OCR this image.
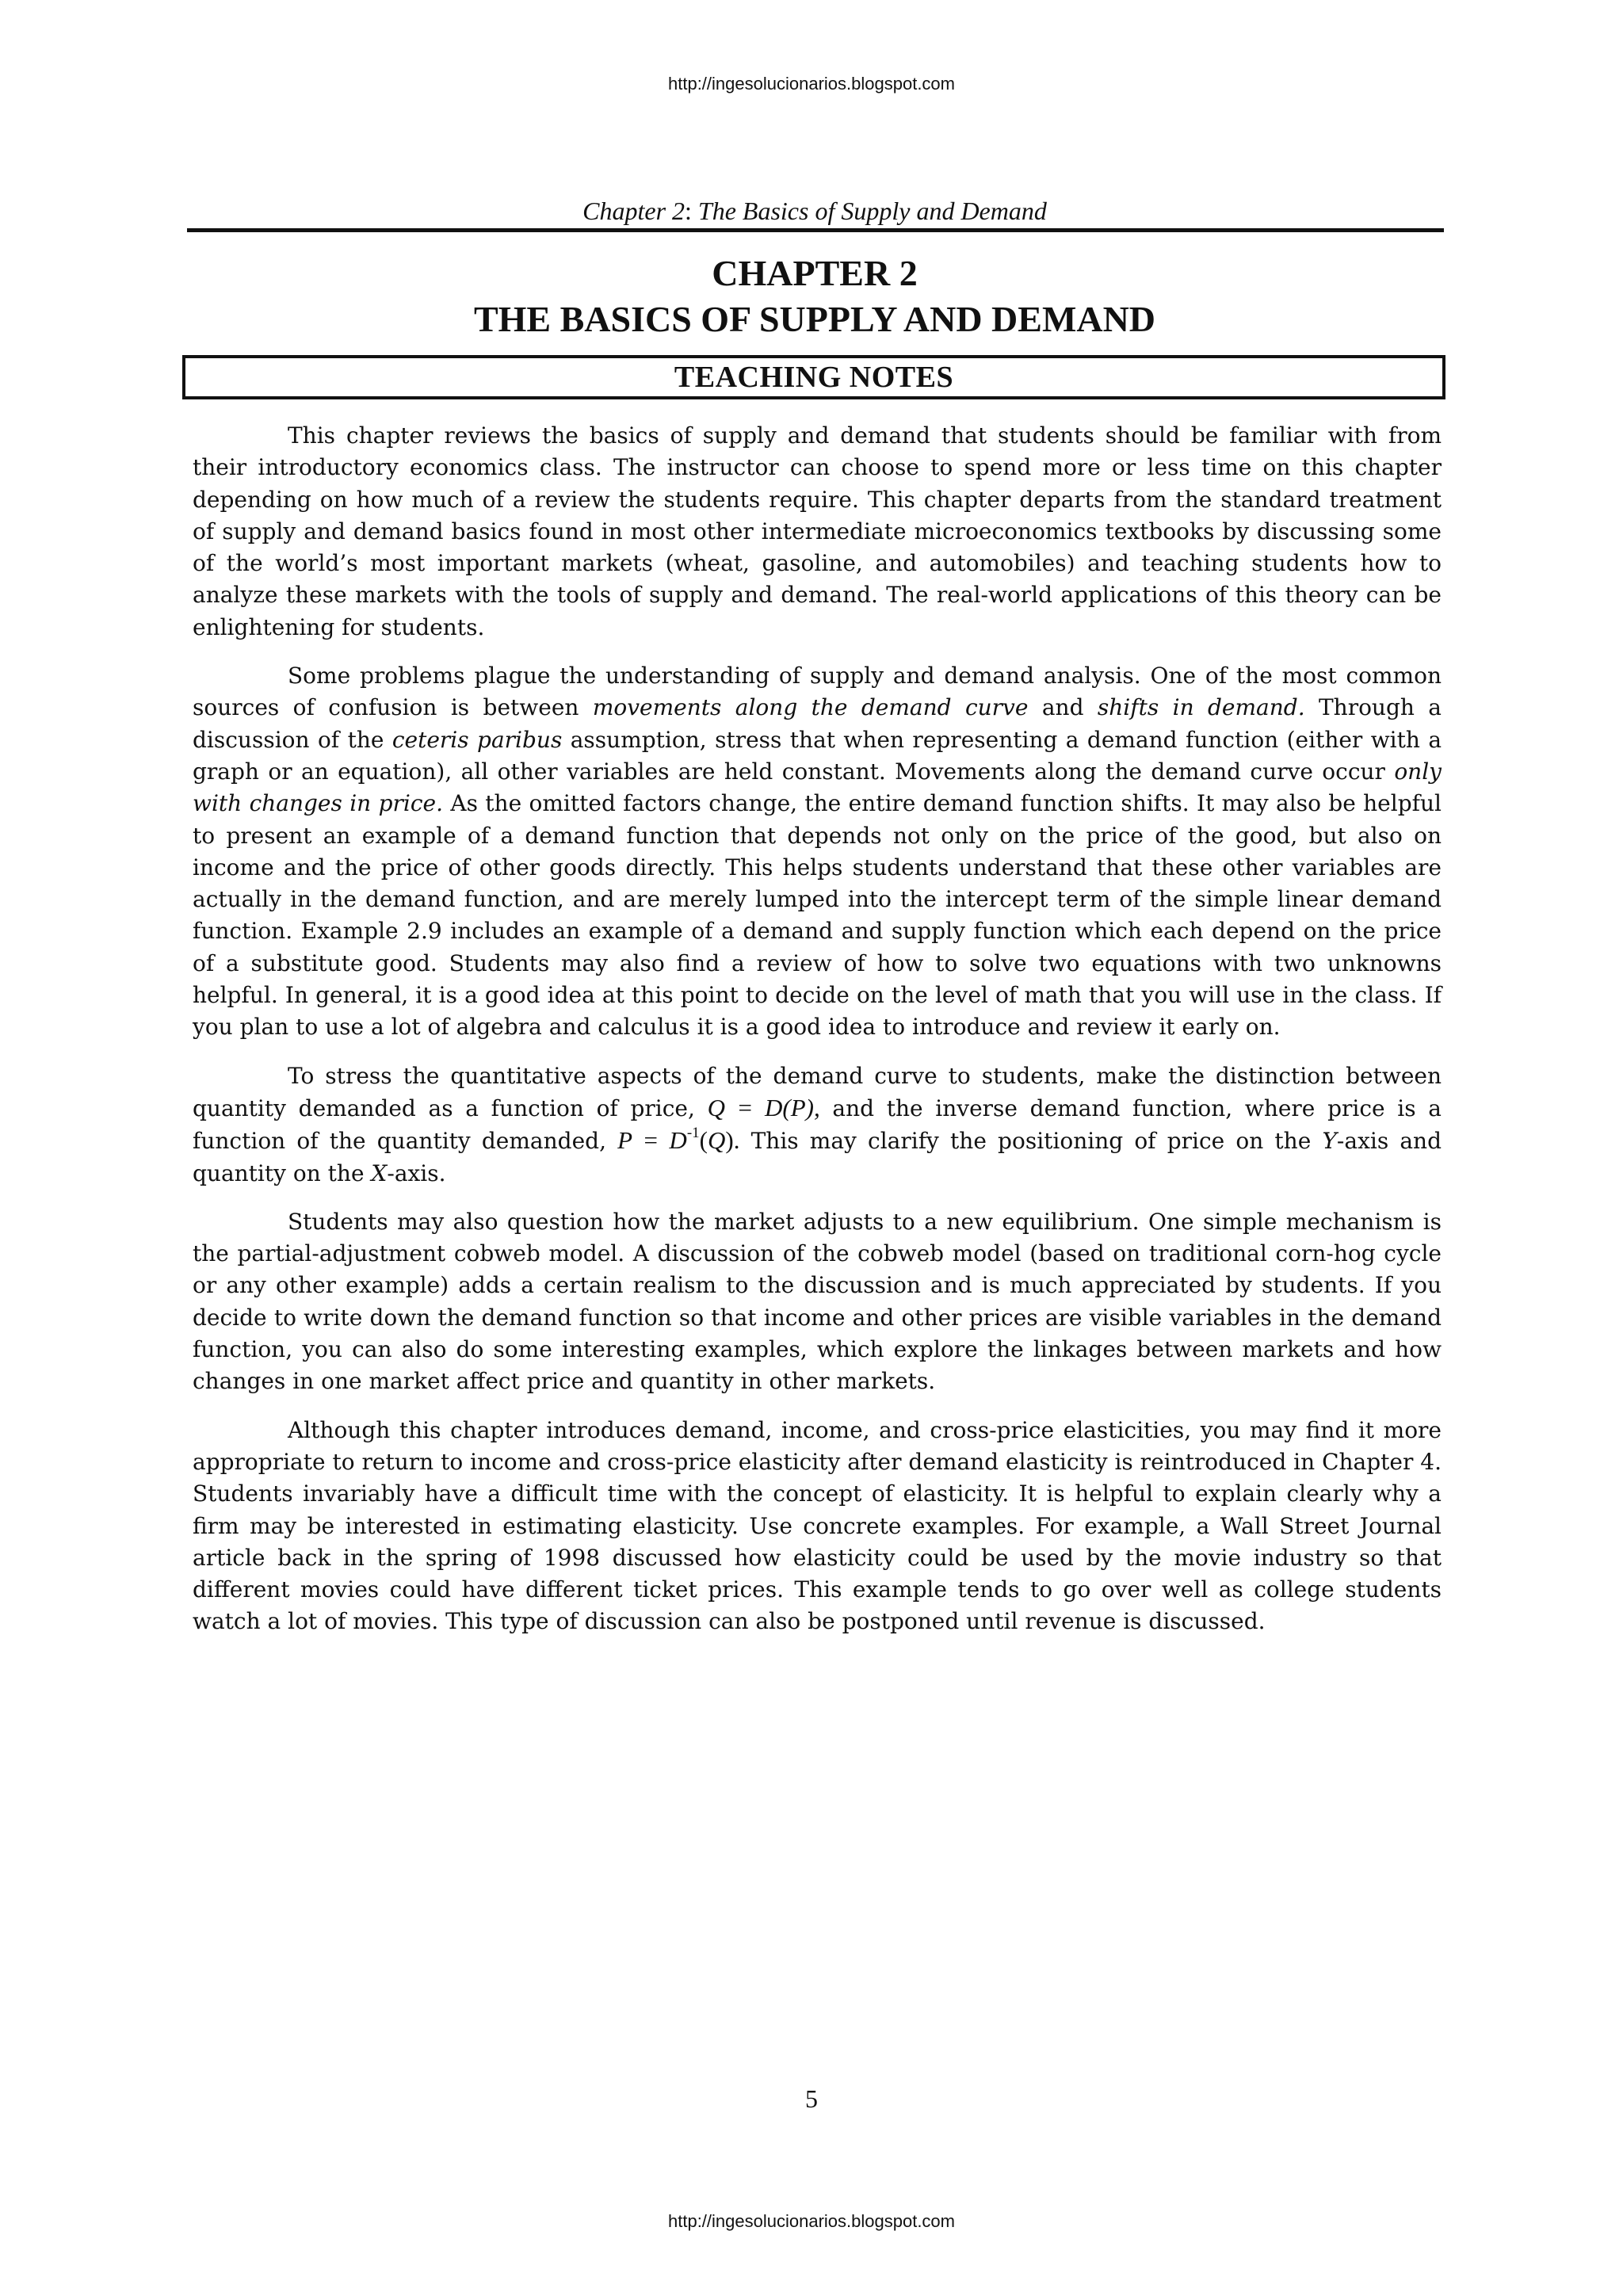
http://ingesolucionarios.blogspot.com
Chapter 2: The Basics of Supply and Demand
CHAPTER 2
THE BASICS OF SUPPLY AND DEMAND
TEACHING NOTES

This chapter reviews the basics of supply and demand that students should be familiar with from their introductory economics class. The instructor can choose to spend more or less time on this chapter depending on how much of a review the students require. This chapter departs from the standard treatment of supply and demand basics found in most other intermediate microeconomics textbooks by discussing some of the world’s most important markets (wheat, gasoline, and automobiles) and teaching students how to analyze these markets with the tools of supply and demand. The real-world applications of this theory can be enlightening for students.

Some problems plague the understanding of supply and demand analysis. One of the most common sources of confusion is between movements along the demand curve and shifts in demand. Through a discussion of the ceteris paribus assumption, stress that when representing a demand function (either with a graph or an equation), all other variables are held constant. Movements along the demand curve occur only with changes in price. As the omitted factors change, the entire demand function shifts. It may also be helpful to present an example of a demand function that depends not only on the price of the good, but also on income and the price of other goods directly. This helps students understand that these other variables are actually in the demand function, and are merely lumped into the intercept term of the simple linear demand function. Example 2.9 includes an example of a demand and supply function which each depend on the price of a substitute good. Students may also find a review of how to solve two equations with two unknowns helpful. In general, it is a good idea at this point to decide on the level of math that you will use in the class. If you plan to use a lot of algebra and calculus it is a good idea to introduce and review it early on.

To stress the quantitative aspects of the demand curve to students, make the distinction between quantity demanded as a function of price, Q = D(P), and the inverse demand function, where price is a function of the quantity demanded, $P = D^{-1}(Q)$. This may clarify the positioning of price on the Y-axis and quantity on the X-axis.

Students may also question how the market adjusts to a new equilibrium. One simple mechanism is the partial-adjustment cobweb model. A discussion of the cobweb model (based on traditional corn-hog cycle or any other example) adds a certain realism to the discussion and is much appreciated by students. If you decide to write down the demand function so that income and other prices are visible variables in the demand function, you can also do some interesting examples, which explore the linkages between markets and how changes in one market affect price and quantity in other markets.

Although this chapter introduces demand, income, and cross-price elasticities, you may find it more appropriate to return to income and cross-price elasticity after demand elasticity is reintroduced in Chapter 4. Students invariably have a difficult time with the concept of elasticity. It is helpful to explain clearly why a firm may be interested in estimating elasticity. Use concrete examples. For example, a Wall Street Journal article back in the spring of 1998 discussed how elasticity could be used by the movie industry so that different movies could have different ticket prices. This example tends to go over well as college students watch a lot of movies. This type of discussion can also be postponed until revenue is discussed.

5
http://ingesolucionarios.blogspot.com
